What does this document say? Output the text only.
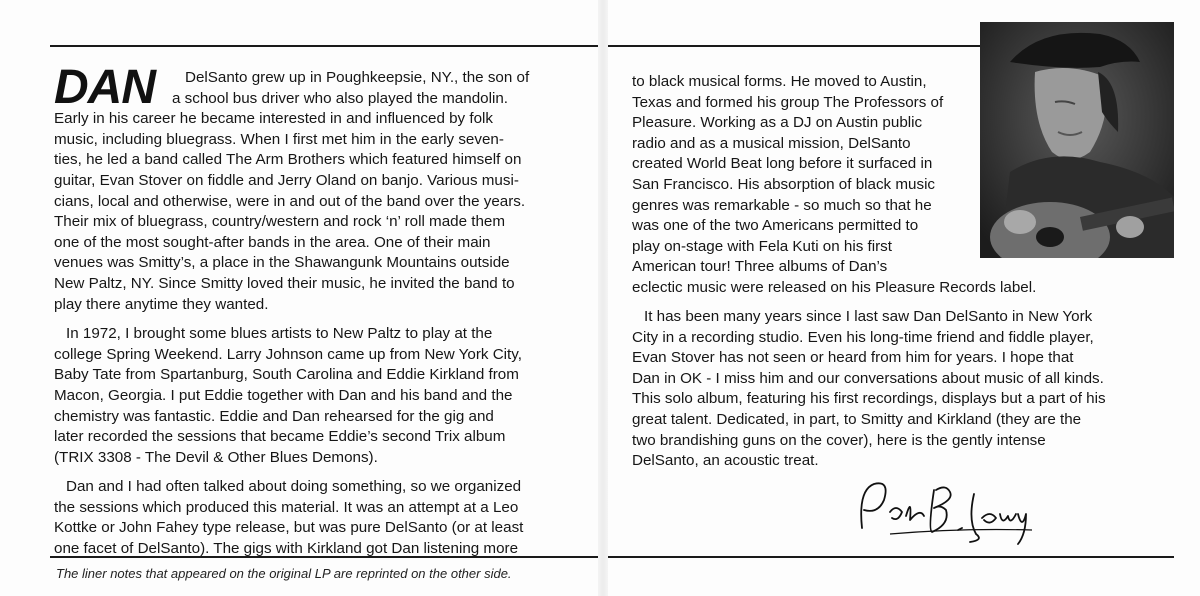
DAN	DelSanto grew up in Poughkeepsie, NY., the son of
a school bus driver who also played the mandolin.
Early in his career he became interested in and influenced by folk
music, including bluegrass. When I first met him in the early seven-
ties, he led a band called The Arm Brothers which featured himself on
guitar, Evan Stover on fiddle and Jerry Oland on banjo. Various musi-
cians, local and otherwise, were in and out of the band over the years.
Their mix of bluegrass, country/western and rock ‘n’ roll made them
one of the most sought-after bands in the area. One of their main
venues was Smitty’s, a place in the Shawangunk Mountains outside
New Paltz, NY. Since Smitty loved their music, he invited the band to
play there anytime they wanted.
In 1972, I brought some blues artists to New Paltz to play at the
college Spring Weekend. Larry Johnson came up from New York City,
Baby Tate from Spartanburg, South Carolina and Eddie Kirkland from
Macon, Georgia. I put Eddie together with Dan and his band and the
chemistry was fantastic. Eddie and Dan rehearsed for the gig and
later recorded the sessions that became Eddie’s second Trix album
(TRIX 3308 - The Devil & Other Blues Demons).
Dan and I had often talked about doing something, so we organized
the sessions which produced this material. It was an attempt at a Leo
Kottke or John Fahey type release, but was pure DelSanto (or at least
one facet of DelSanto). The gigs with Kirkland got Dan listening more
to black musical forms. He moved to Austin,
Texas and formed his group The Professors of
Pleasure. Working as a DJ on Austin public
radio and as a musical mission, DelSanto
created World Beat long before it surfaced in
San Francisco. His absorption of black music
genres was remarkable - so much so that he
was one of the two Americans permitted to
play on-stage with Fela Kuti on his first
American tour! Three albums of Dan’s
eclectic music were released on his Pleasure Records label.
It has been many years since I last saw Dan DelSanto in New York
City in a recording studio. Even his long-time friend and fiddle player,
Evan Stover has not seen or heard from him for years. I hope that
Dan in OK - I miss him and our conversations about music of all kinds.
This solo album, featuring his first recordings, displays but a part of his
great talent. Dedicated, in part, to Smitty and Kirkland (they are the
two brandishing guns on the cover), here is the gently intense
DelSanto, an acoustic treat.
The liner notes that appeared on the original LP are reprinted on the other side.
